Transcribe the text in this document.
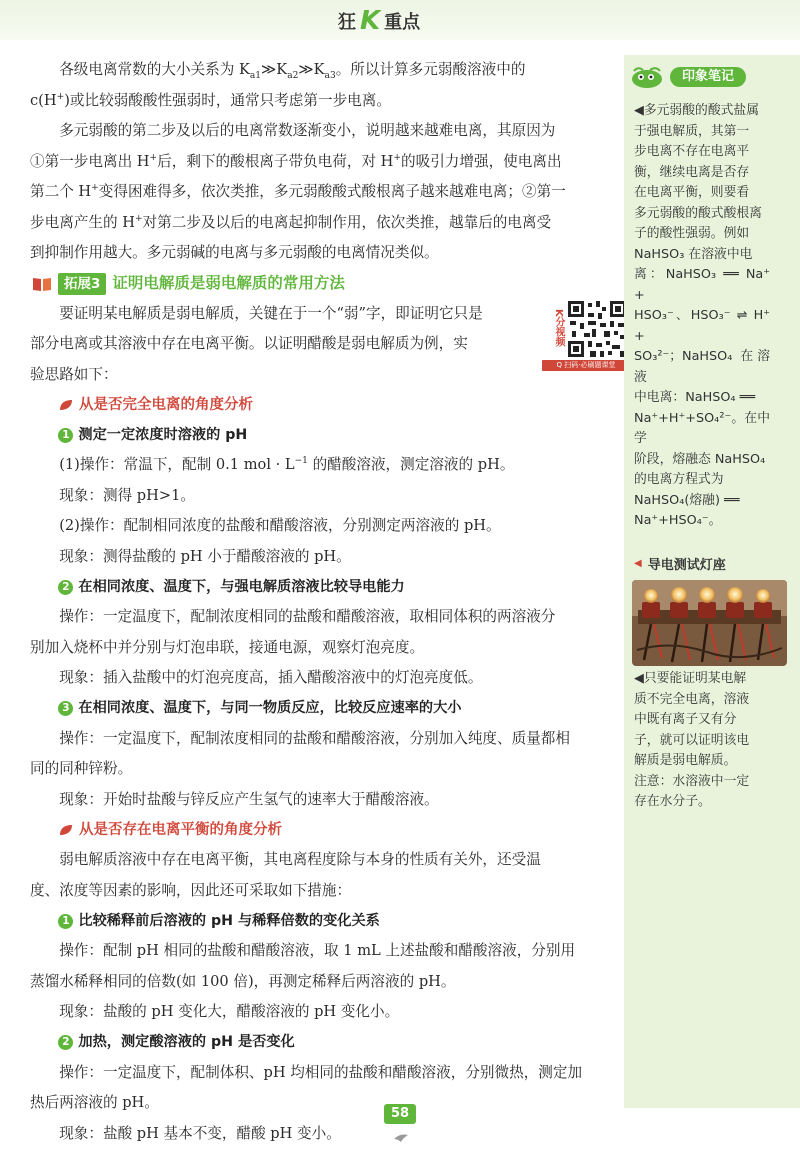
狂 K 重点
各级电离常数的大小关系为 $K_{a1}≫K_{a2}≫K_{a3}$。所以计算多元弱酸溶液中的
c(H+)或比较弱酸酸性强弱时，通常只考虑第一步电离。
多元弱酸的第二步及以后的电离常数逐渐变小，说明越来越难电离，其原因为
①第一步电离出 H+后，剩下的酸根离子带负电荷，对 H+的吸引力增强，使电离出
第二个 H+变得困难得多，依次类推，多元弱酸酸式酸根离子越来越难电离；②第一
步电离产生的 H+对第二步及以后的电离起抑制作用，依次类推，越靠后的电离受
到抑制作用越大。多元弱碱的电离与多元弱酸的电离情况类似。
拓展3 证明电解质是弱电解质的常用方法
要证明某电解质是弱电解质，关键在于一个“弱”字，即证明它只是
部分电离或其溶液中存在电离平衡。以证明醋酸是弱电解质为例，实
验思路如下：
从是否完全电离的角度分析
1 测定一定浓度时溶液的 pH
(1)操作：常温下，配制 0.1 mol · $L^{-1}$ 的醋酸溶液，测定溶液的 pH。
现象：测得 pH>1。
(2)操作：配制相同浓度的盐酸和醋酸溶液，分别测定两溶液的 pH。
现象：测得盐酸的 pH 小于醋酸溶液的 pH。
2 在相同浓度、温度下，与强电解质溶液比较导电能力
操作：一定温度下，配制浓度相同的盐酸和醋酸溶液，取相同体积的两溶液分
别加入烧杯中并分别与灯泡串联，接通电源，观察灯泡亮度。
现象：插入盐酸中的灯泡亮度高，插入醋酸溶液中的灯泡亮度低。
3 在相同浓度、温度下，与同一物质反应，比较反应速率的大小
操作：一定温度下，配制浓度相同的盐酸和醋酸溶液，分别加入纯度、质量都相
同的同种锌粉。
现象：开始时盐酸与锌反应产生氢气的速率大于醋酸溶液。
从是否存在电离平衡的角度分析
弱电解质溶液中存在电离平衡，其电离程度除与本身的性质有关外，还受温
度、浓度等因素的影响，因此还可采取如下措施：
1 比较稀释前后溶液的 pH 与稀释倍数的变化关系
操作：配制 pH 相同的盐酸和醋酸溶液，取 1 mL 上述盐酸和醋酸溶液，分别用
蒸馏水稀释相同的倍数(如 100 倍)，再测定稀释后两溶液的 pH。
现象：盐酸的 pH 变化大，醋酸溶液的 pH 变化小。
2 加热，测定酸溶液的 pH 是否变化
操作：一定温度下，配制体积、pH 均相同的盐酸和醋酸溶液，分别微热，测定加
热后两溶液的 pH。
现象：盐酸 pH 基本不变，醋酸 pH 变小。
K分视频
Q 扫码·必刷题课堂
印象笔记
◀多元弱酸的酸式盐属
于强电解质，其第一
步电离不存在电离平
衡，继续电离是否存
在电离平衡，则要看
多元弱酸的酸式酸根离
子的酸性强弱。例如
NaHSO₃ 在溶液中电
离：NaHSO₃ ══ Na⁺ +
HSO₃⁻、HSO₃⁻ ⇌ H⁺ +
SO₃²⁻；NaHSO₄ 在溶液
中电离：NaHSO₄ ══
Na⁺+H⁺+SO₄²⁻。在中学
阶段，熔融态 NaHSO₄
的电离方程式为
NaHSO₄(熔融) ══
Na⁺+HSO₄⁻。
◀ 导电测试灯座
◀只要能证明某电解
质不完全电离，溶液
中既有离子又有分
子，就可以证明该电
解质是弱电解质。
注意：水溶液中一定
存在水分子。
58
